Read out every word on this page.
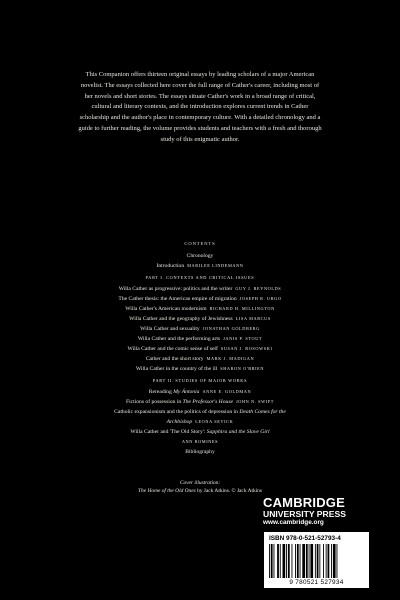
This Companion offers thirteen original essays by leading scholars of a major American novelist. The essays collected here cover the full range of Cather's career, including most of her novels and short stories. The essays situate Cather's work in a broad range of critical, cultural and literary contexts, and the introduction explores current trends in Cather scholarship and the author's place in contemporary culture. With a detailed chronology and a guide to further reading, the volume provides students and teachers with a fresh and thorough study of this enigmatic author.
CONTENTS
Chronology
Introduction MARILEE LINDEMANN
PART I. CONTEXTS AND CRITICAL ISSUES
Willa Cather as progressive: politics and the writer GUY J. REYNOLDS
The Cather thesis: the American empire of migration JOSEPH R. URGO
Willa Cather's American modernism RICHARD H. MILLINGTON
Willa Cather and the geography of Jewishness LISA MARCUS
Willa Cather and sexuality JONATHAN GOLDBERG
Willa Cather and the performing arts JANIS P. STOUT
Willa Cather and the comic sense of self SUSAN J. ROSOWSKI
Cather and the short story MARK J. MADIGAN
Willa Cather in the country of the ill SHARON O'BRIEN
PART II. STUDIES OF MAJOR WORKS
Rereading My Ántonia ANNE E. GOLDMAN
Fictions of possession in The Professor's House JOHN N. SWIFT
Catholic expansionism and the politics of depression in Death Comes for the
Archbishop LEONA SEVICK
Willa Cather and 'The Old Story': Sapphira and the Slave Girl
ANN ROMINES
Bibliography
Cover illustration:
The Home of the Old Ones by Jack Atkins. © Jack Atkins
CAMBRIDGE
UNIVERSITY PRESS
www.cambridge.org
ISBN 978-0-521-52793-4
9 780521 527934
